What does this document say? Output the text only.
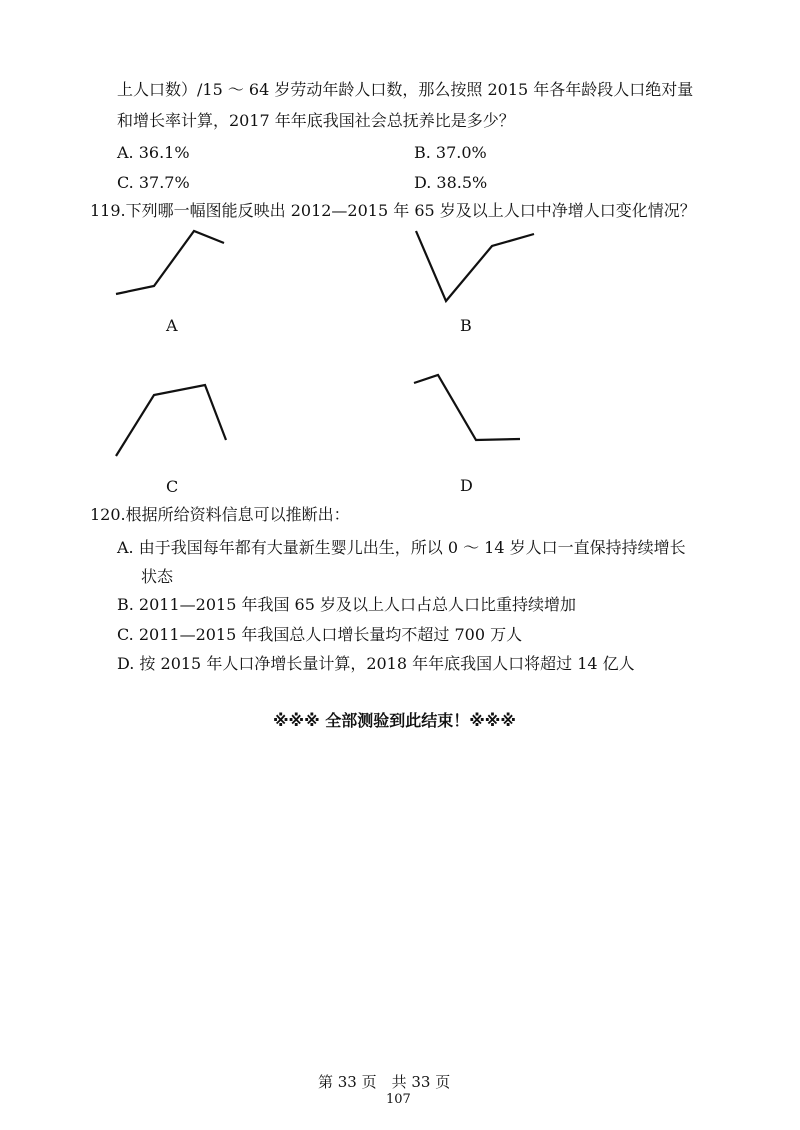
上人口数）/15 ～ 64 岁劳动年龄人口数，那么按照 2015 年各年龄段人口绝对量
和增长率计算，2017 年年底我国社会总抚养比是多少？
A. 36.1%	B. 37.0%
C. 37.7%	D. 38.5%
119.下列哪一幅图能反映出 2012—2015 年 65 岁及以上人口中净增人口变化情况？
A	B
C	D
120.根据所给资料信息可以推断出：
A. 由于我国每年都有大量新生婴儿出生，所以 0 ～ 14 岁人口一直保持持续增长
状态
B. 2011—2015 年我国 65 岁及以上人口占总人口比重持续增加
C. 2011—2015 年我国总人口增长量均不超过 700 万人
D. 按 2015 年人口净增长量计算，2018 年年底我国人口将超过 14 亿人
※※※ 全部测验到此结束！※※※
第 33 页　共 33 页
107
